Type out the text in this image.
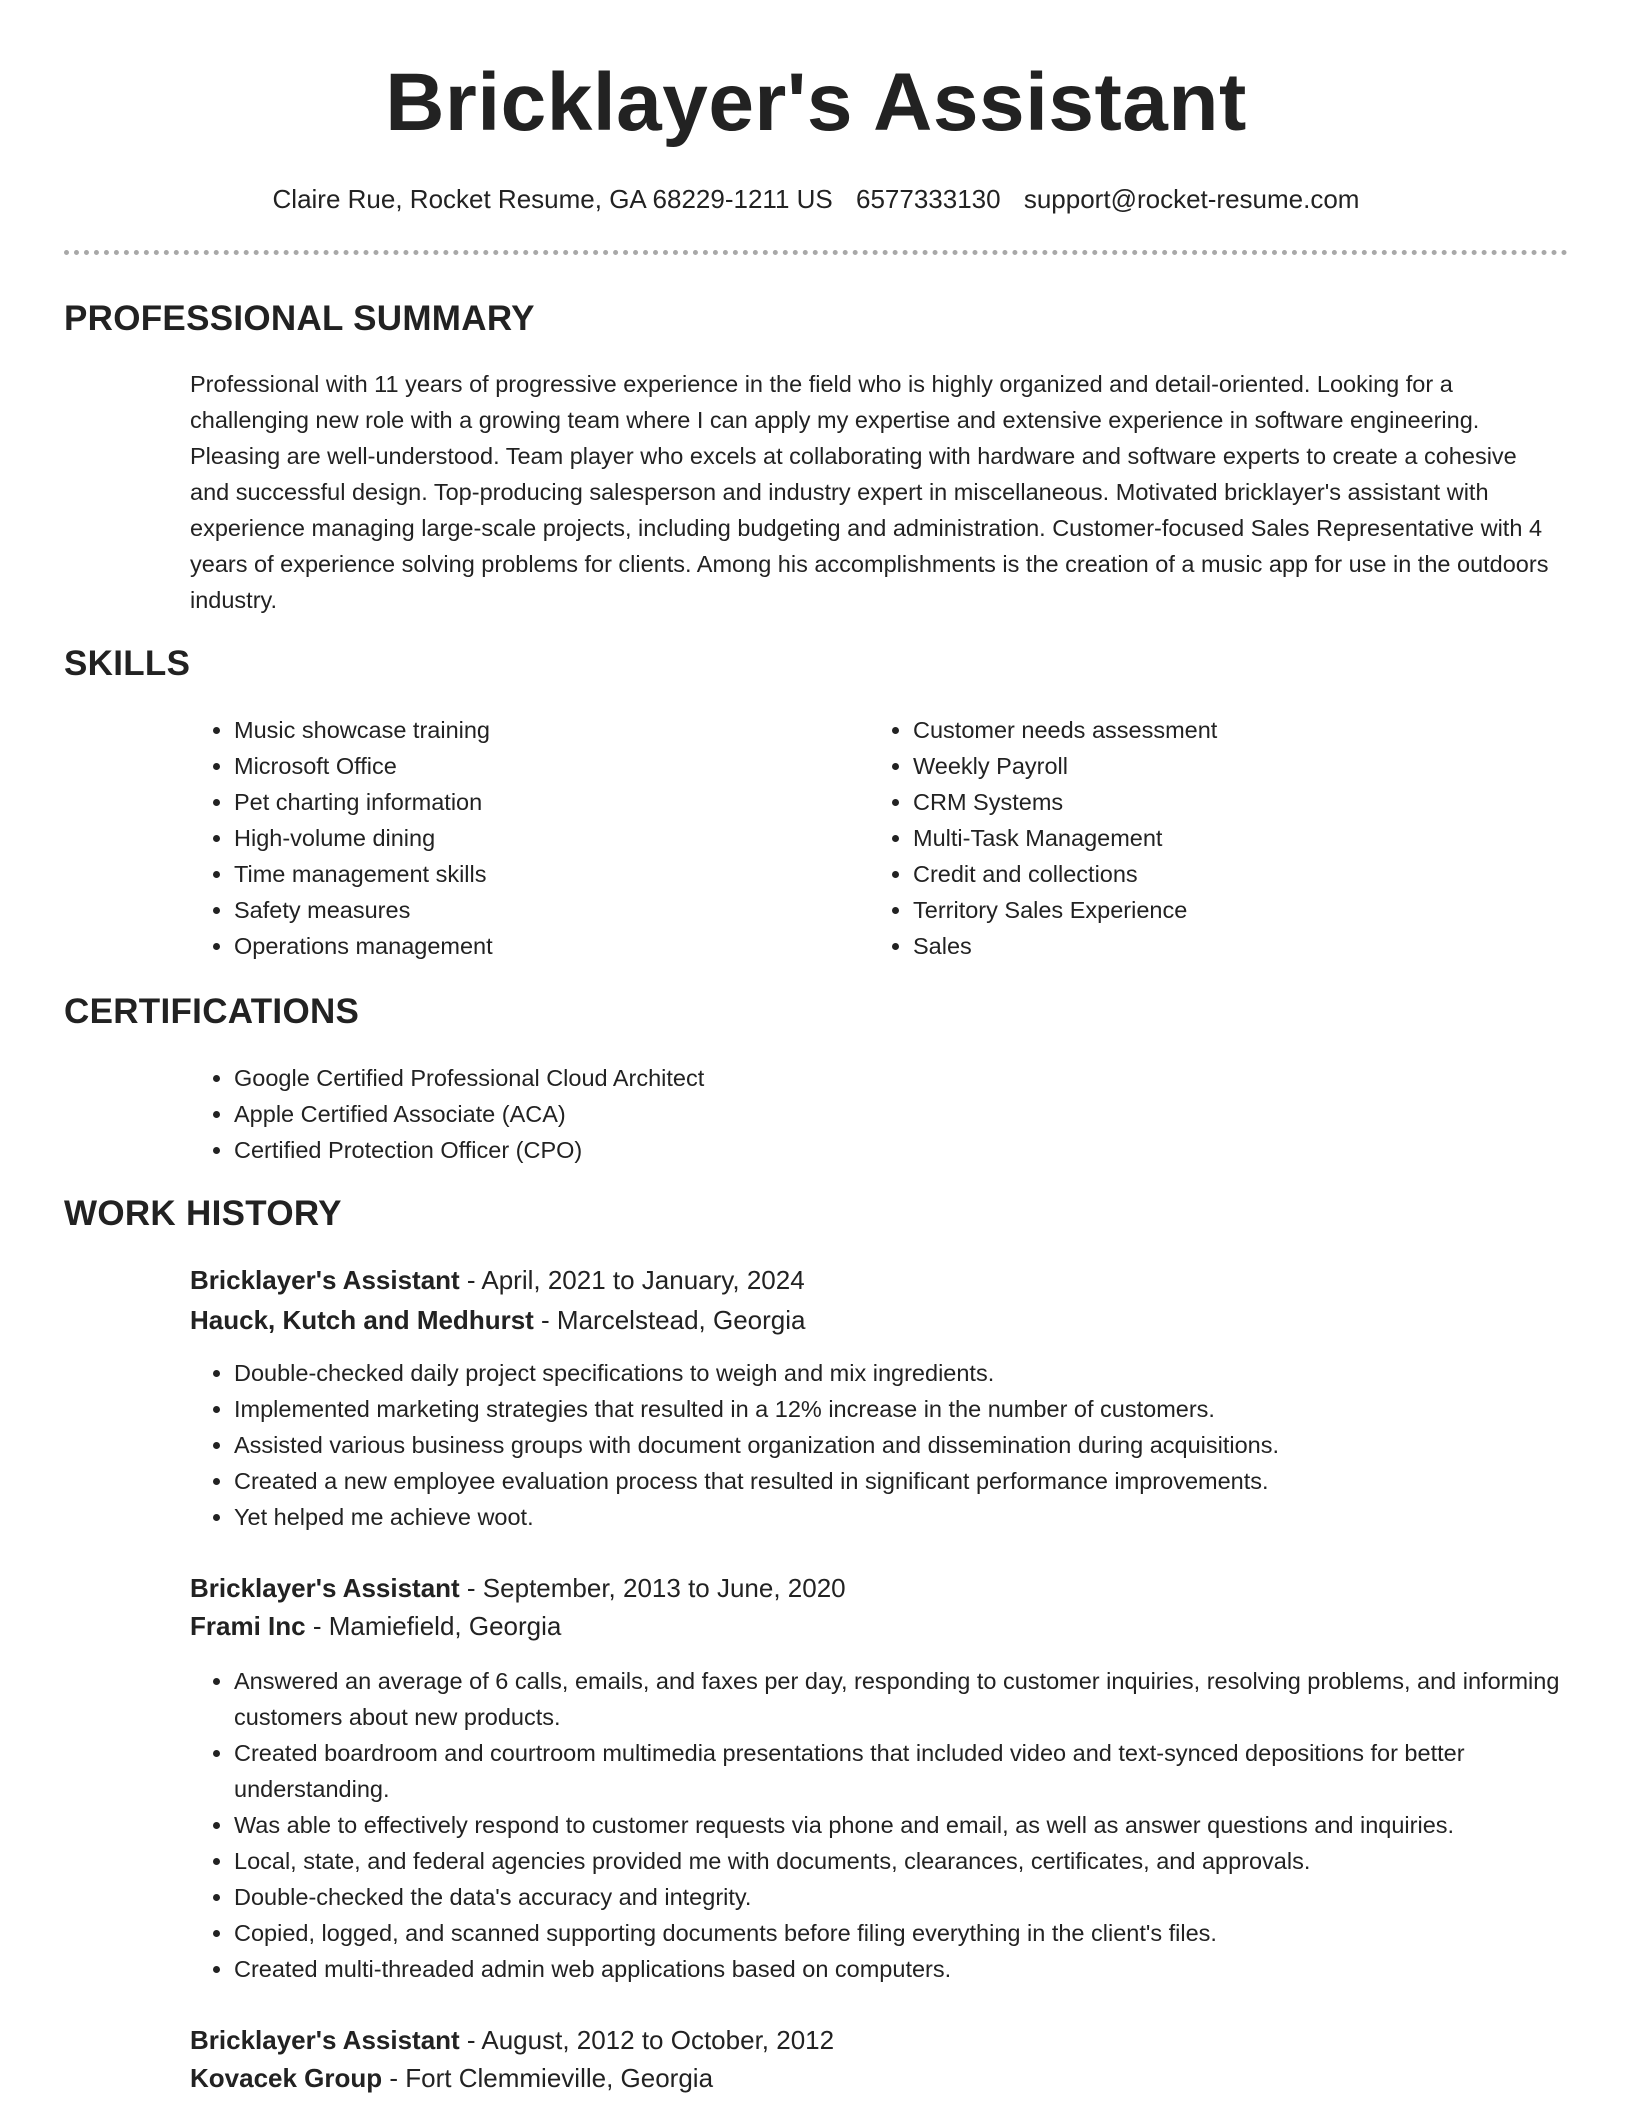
Bricklayer's Assistant
Claire Rue, Rocket Resume, GA 68229-1211 US 6577333130 support@rocket-resume.com
PROFESSIONAL SUMMARY

Professional with 11 years of progressive experience in the field who is highly organized and detail-oriented. Looking for a challenging new role with a growing team where I can apply my expertise and extensive experience in software engineering. Pleasing are well-understood. Team player who excels at collaborating with hardware and software experts to create a cohesive and successful design. Top-producing salesperson and industry expert in miscellaneous. Motivated bricklayer's assistant with experience managing large-scale projects, including budgeting and administration. Customer-focused Sales Representative with 4 years of experience solving problems for clients. Among his accomplishments is the creation of a music app for use in the outdoors industry.

SKILLS
• Music showcase training
• Microsoft Office
• Pet charting information
• High-volume dining
• Time management skills
• Safety measures
• Operations management
• Customer needs assessment
• Weekly Payroll
• CRM Systems
• Multi-Task Management
• Credit and collections
• Territory Sales Experience
• Sales
CERTIFICATIONS
• Google Certified Professional Cloud Architect
• Apple Certified Associate (ACA)
• Certified Protection Officer (CPO)
WORK HISTORY
Bricklayer's Assistant - April, 2021 to January, 2024
Hauck, Kutch and Medhurst - Marcelstead, Georgia
• Double-checked daily project specifications to weigh and mix ingredients.
• Implemented marketing strategies that resulted in a 12% increase in the number of customers.
• Assisted various business groups with document organization and dissemination during acquisitions.
• Created a new employee evaluation process that resulted in significant performance improvements.
• Yet helped me achieve woot.
Bricklayer's Assistant - September, 2013 to June, 2020
Frami Inc - Mamiefield, Georgia
• Answered an average of 6 calls, emails, and faxes per day, responding to customer inquiries, resolving problems, and informing customers about new products.
• Created boardroom and courtroom multimedia presentations that included video and text-synced depositions for better understanding.
• Was able to effectively respond to customer requests via phone and email, as well as answer questions and inquiries.
• Local, state, and federal agencies provided me with documents, clearances, certificates, and approvals.
• Double-checked the data's accuracy and integrity.
• Copied, logged, and scanned supporting documents before filing everything in the client's files.
• Created multi-threaded admin web applications based on computers.
Bricklayer's Assistant - August, 2012 to October, 2012
Kovacek Group - Fort Clemmieville, Georgia
